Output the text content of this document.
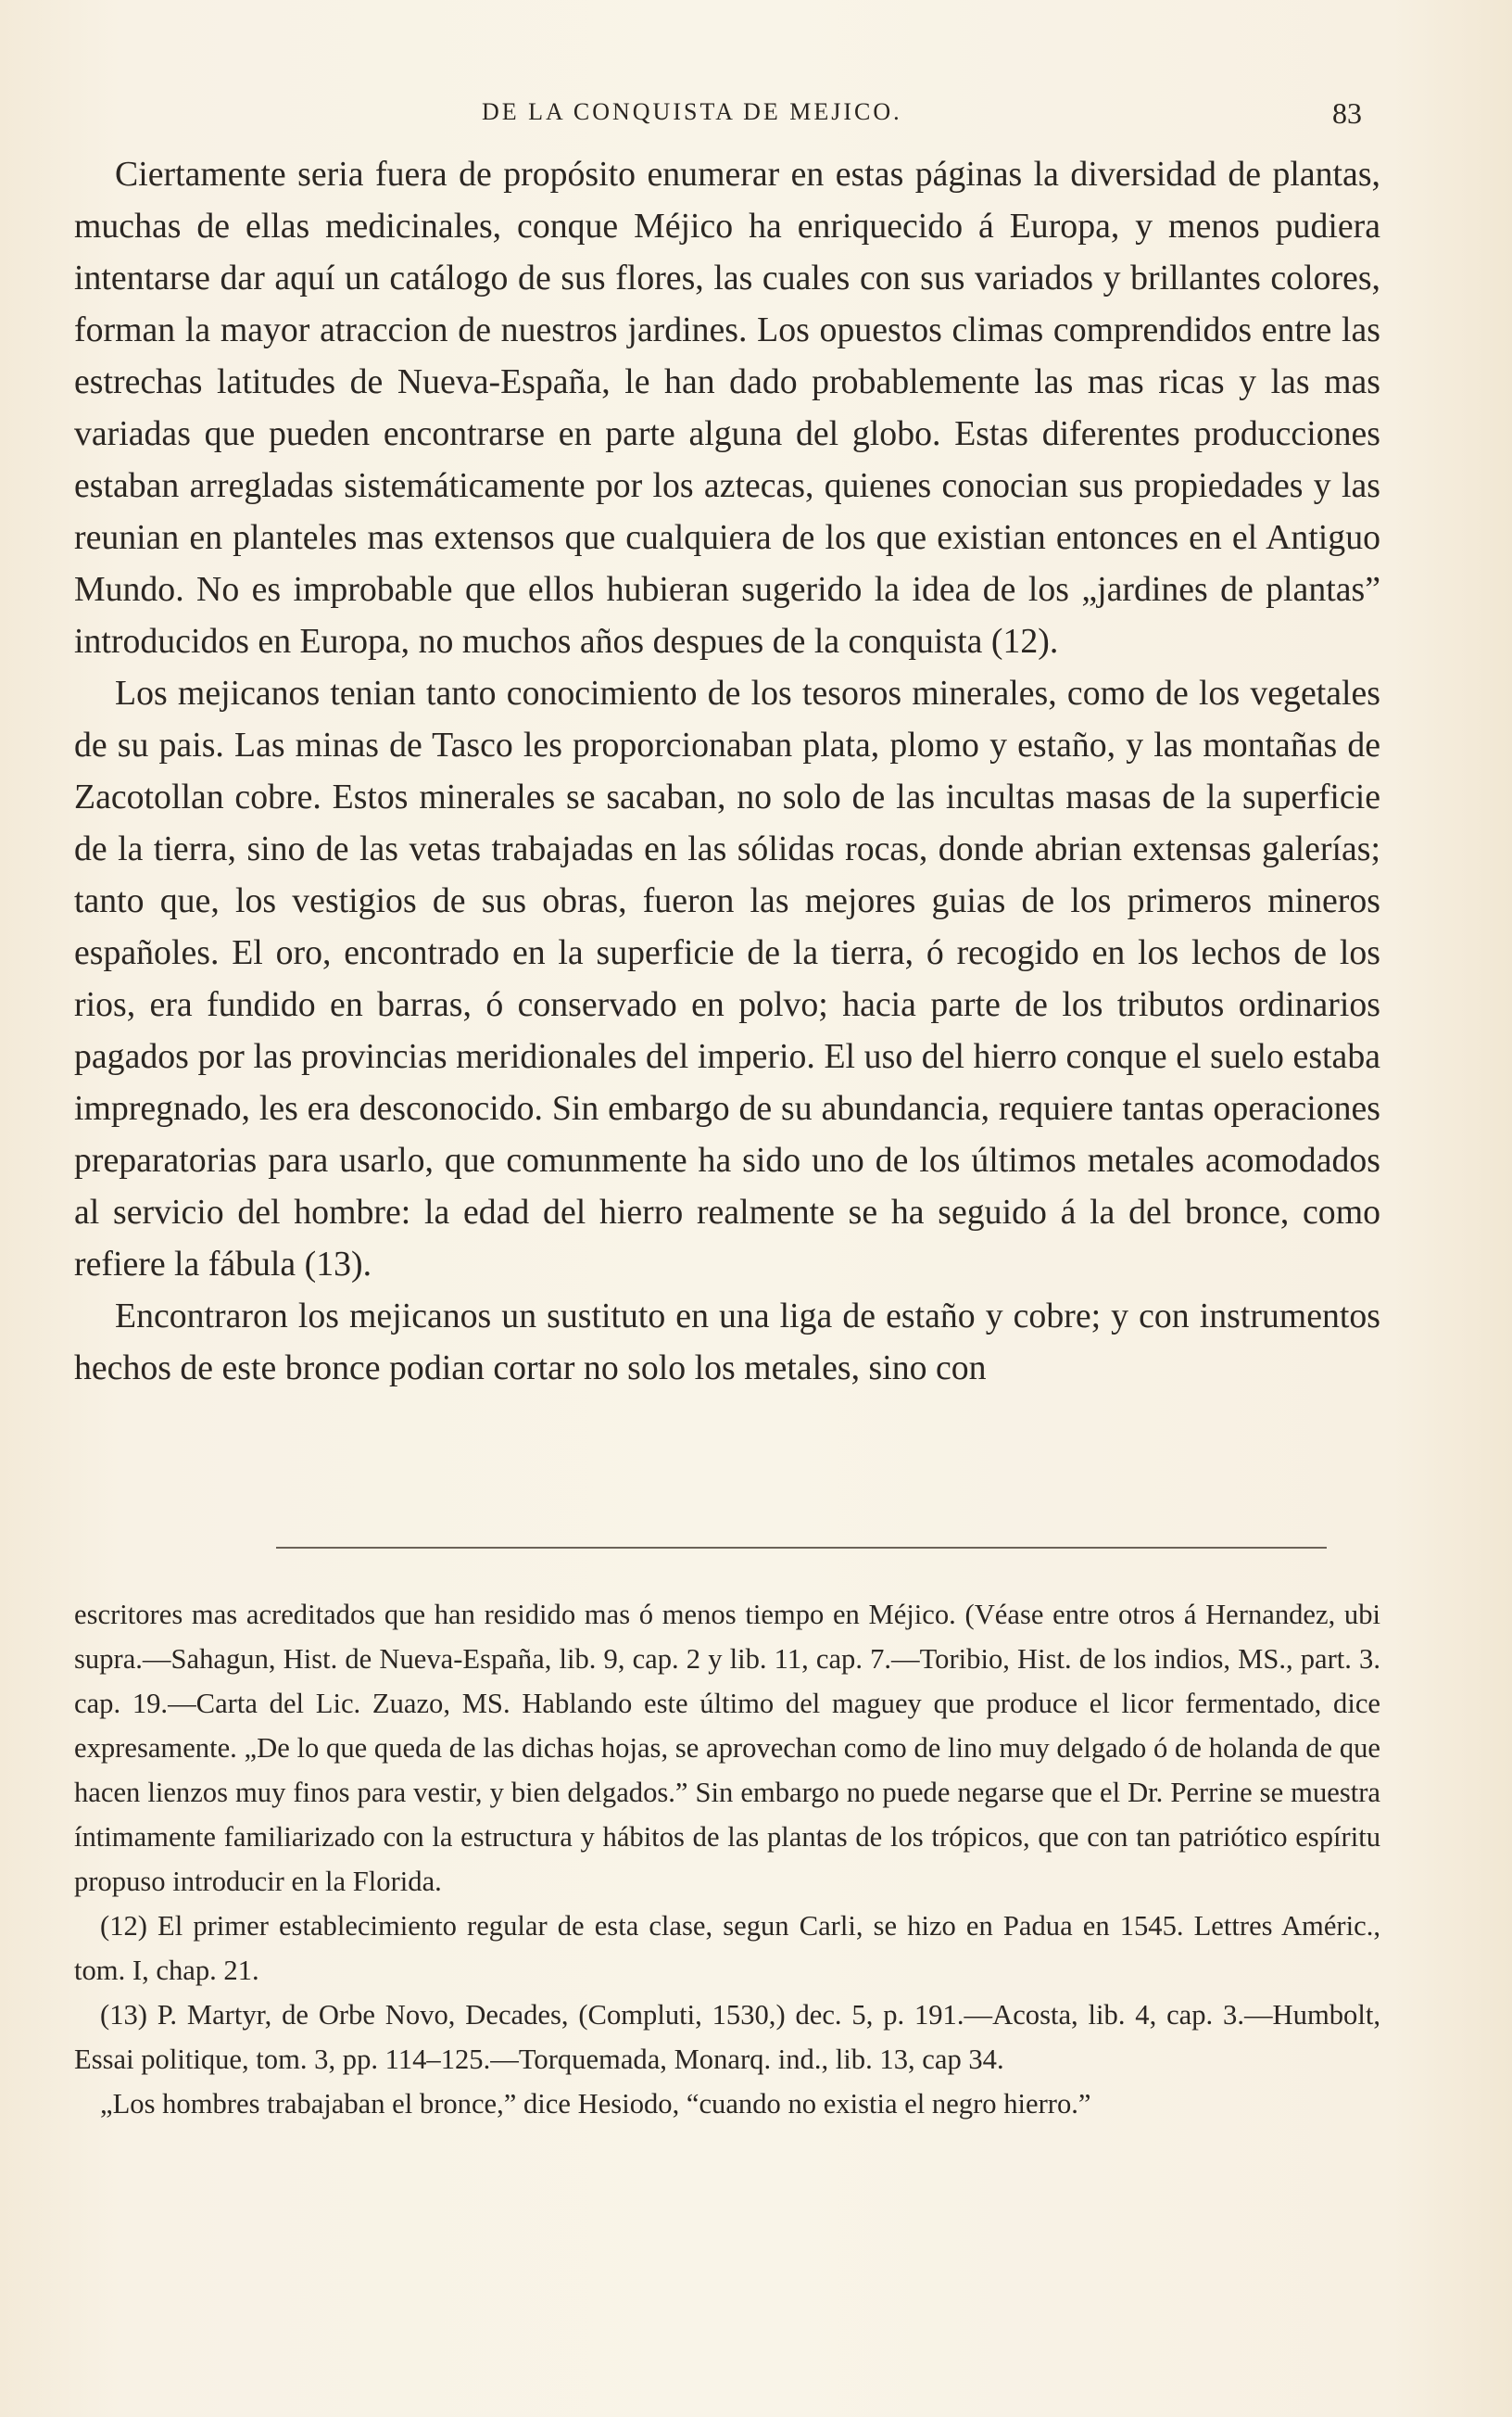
DE LA CONQUISTA DE MEJICO.	83

Ciertamente seria fuera de propósito enumerar en estas páginas la diversidad de plantas, muchas de ellas medicinales, conque Méjico ha enriquecido á Europa, y menos pudiera intentarse dar aquí un catálogo de sus flores, las cuales con sus variados y brillantes colores, forman la mayor atraccion de nuestros jardines. Los opuestos climas comprendidos entre las estrechas latitudes de Nueva-España, le han dado probablemente las mas ricas y las mas variadas que pueden encontrarse en parte alguna del globo. Estas diferentes producciones estaban arregladas sistemáticamente por los aztecas, quienes conocian sus propiedades y las reunian en planteles mas extensos que cualquiera de los que existian entonces en el Antiguo Mundo. No es improbable que ellos hubieran sugerido la idea de los „jardines de plantas” introducidos en Europa, no muchos años despues de la conquista (12).

Los mejicanos tenian tanto conocimiento de los tesoros minerales, como de los vegetales de su pais. Las minas de Tasco les proporcionaban plata, plomo y estaño, y las montañas de Zacotollan cobre. Estos minerales se sacaban, no solo de las incultas masas de la superficie de la tierra, sino de las vetas trabajadas en las sólidas rocas, donde abrian extensas galerías; tanto que, los vestigios de sus obras, fueron las mejores guias de los primeros mineros españoles. El oro, encontrado en la superficie de la tierra, ó recogido en los lechos de los rios, era fundido en barras, ó conservado en polvo; hacia parte de los tributos ordinarios pagados por las provincias meridionales del imperio. El uso del hierro conque el suelo estaba impregnado, les era desconocido. Sin embargo de su abundancia, requiere tantas operaciones preparatorias para usarlo, que comunmente ha sido uno de los últimos metales acomodados al servicio del hombre: la edad del hierro realmente se ha seguido á la del bronce, como refiere la fábula (13).

Encontraron los mejicanos un sustituto en una liga de estaño y cobre; y con instrumentos hechos de este bronce podian cortar no solo los metales, sino con

escritores mas acreditados que han residido mas ó menos tiempo en Méjico. (Véase entre otros á Hernandez, ubi supra.—Sahagun, Hist. de Nueva-España, lib. 9, cap. 2 y lib. 11, cap. 7.—Toribio, Hist. de los indios, MS., part. 3. cap. 19.—Carta del Lic. Zuazo, MS. Hablando este último del maguey que produce el licor fermentado, dice expresamente. „De lo que queda de las dichas hojas, se aprovechan como de lino muy delgado ó de holanda de que hacen lienzos muy finos para vestir, y bien delgados.” Sin embargo no puede negarse que el Dr. Perrine se muestra íntimamente familiarizado con la estructura y hábitos de las plantas de los trópicos, que con tan patriótico espíritu propuso introducir en la Florida.

(12) El primer establecimiento regular de esta clase, segun Carli, se hizo en Padua en 1545. Lettres Améric., tom. I, chap. 21.

(13) P. Martyr, de Orbe Novo, Decades, (Compluti, 1530,) dec. 5, p. 191.—Acosta, lib. 4, cap. 3.—Humbolt, Essai politique, tom. 3, pp. 114–125.—Torquemada, Monarq. ind., lib. 13, cap 34.

„Los hombres trabajaban el bronce,” dice Hesiodo, “cuando no existia el negro hierro.”
